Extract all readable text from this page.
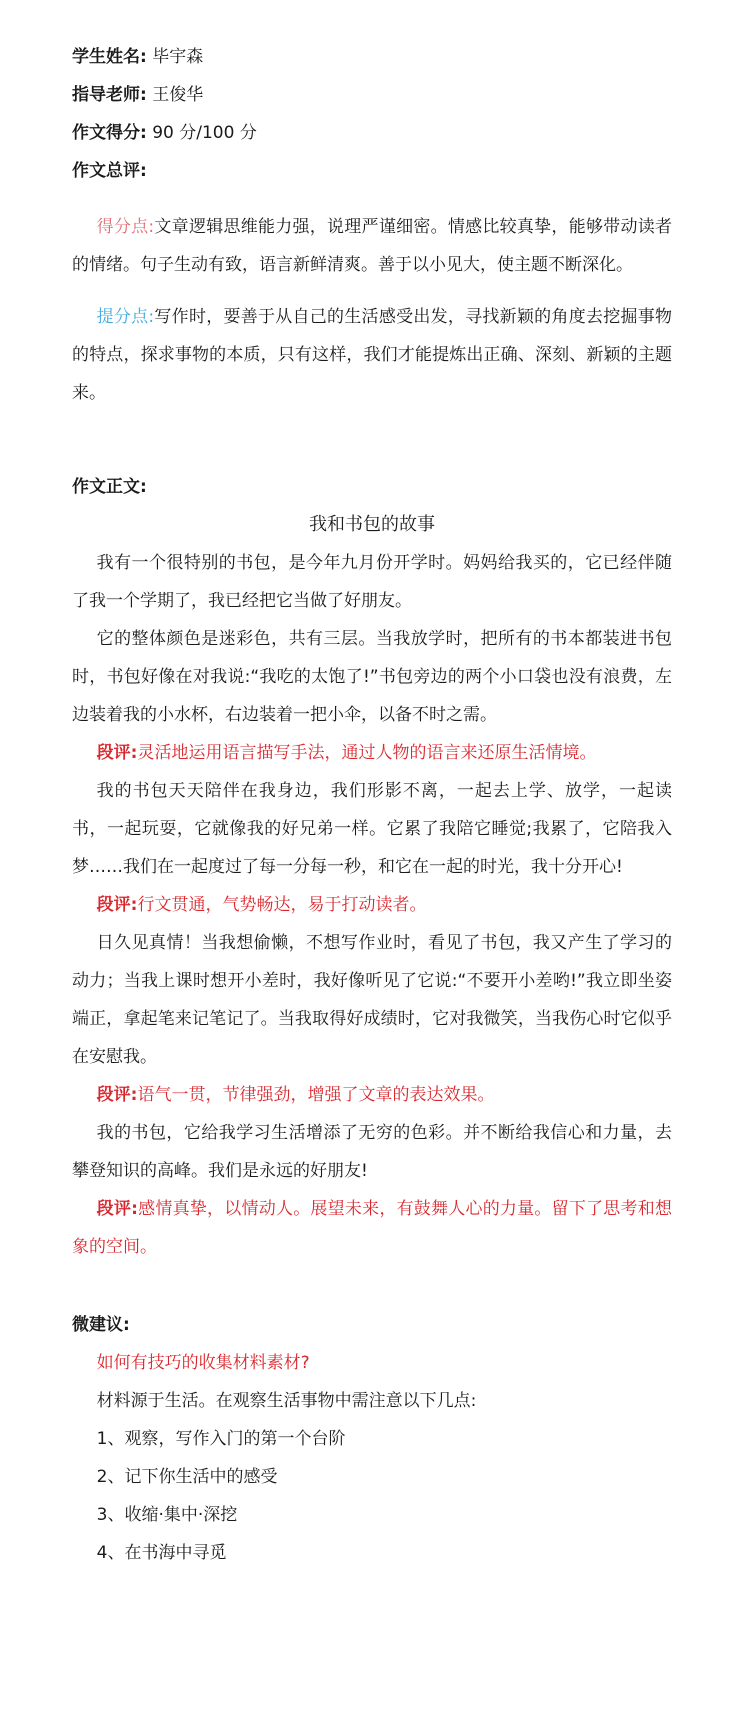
学生姓名: 毕宇森
指导老师: 王俊华
作文得分: 90 分/100 分
作文总评:

得分点:文章逻辑思维能力强，说理严谨细密。情感比较真挚，能够带动读者的情绪。句子生动有致，语言新鲜清爽。善于以小见大，使主题不断深化。

提分点:写作时，要善于从自己的生活感受出发，寻找新颖的角度去挖掘事物的特点，探求事物的本质，只有这样，我们才能提炼出正确、深刻、新颖的主题来。

作文正文:
我和书包的故事

我有一个很特别的书包，是今年九月份开学时。妈妈给我买的，它已经伴随了我一个学期了，我已经把它当做了好朋友。

它的整体颜色是迷彩色，共有三层。当我放学时，把所有的书本都装进书包时，书包好像在对我说:“我吃的太饱了!”书包旁边的两个小口袋也没有浪费，左边装着我的小水杯，右边装着一把小伞，以备不时之需。

段评:灵活地运用语言描写手法，通过人物的语言来还原生活情境。

我的书包天天陪伴在我身边，我们形影不离，一起去上学、放学，一起读书，一起玩耍，它就像我的好兄弟一样。它累了我陪它睡觉;我累了，它陪我入梦……我们在一起度过了每一分每一秒，和它在一起的时光，我十分开心!

段评:行文贯通，气势畅达，易于打动读者。

日久见真情！当我想偷懒，不想写作业时，看见了书包，我又产生了学习的动力；当我上课时想开小差时，我好像听见了它说:“不要开小差哟!”我立即坐姿端正，拿起笔来记笔记了。当我取得好成绩时，它对我微笑，当我伤心时它似乎在安慰我。

段评:语气一贯，节律强劲，增强了文章的表达效果。

我的书包，它给我学习生活增添了无穷的色彩。并不断给我信心和力量，去攀登知识的高峰。我们是永远的好朋友!

段评:感情真挚，以情动人。展望未来，有鼓舞人心的力量。留下了思考和想象的空间。

微建议:

如何有技巧的收集材料素材?

材料源于生活。在观察生活事物中需注意以下几点:

1、观察，写作入门的第一个台阶

2、记下你生活中的感受

3、收缩·集中·深挖

4、在书海中寻觅
